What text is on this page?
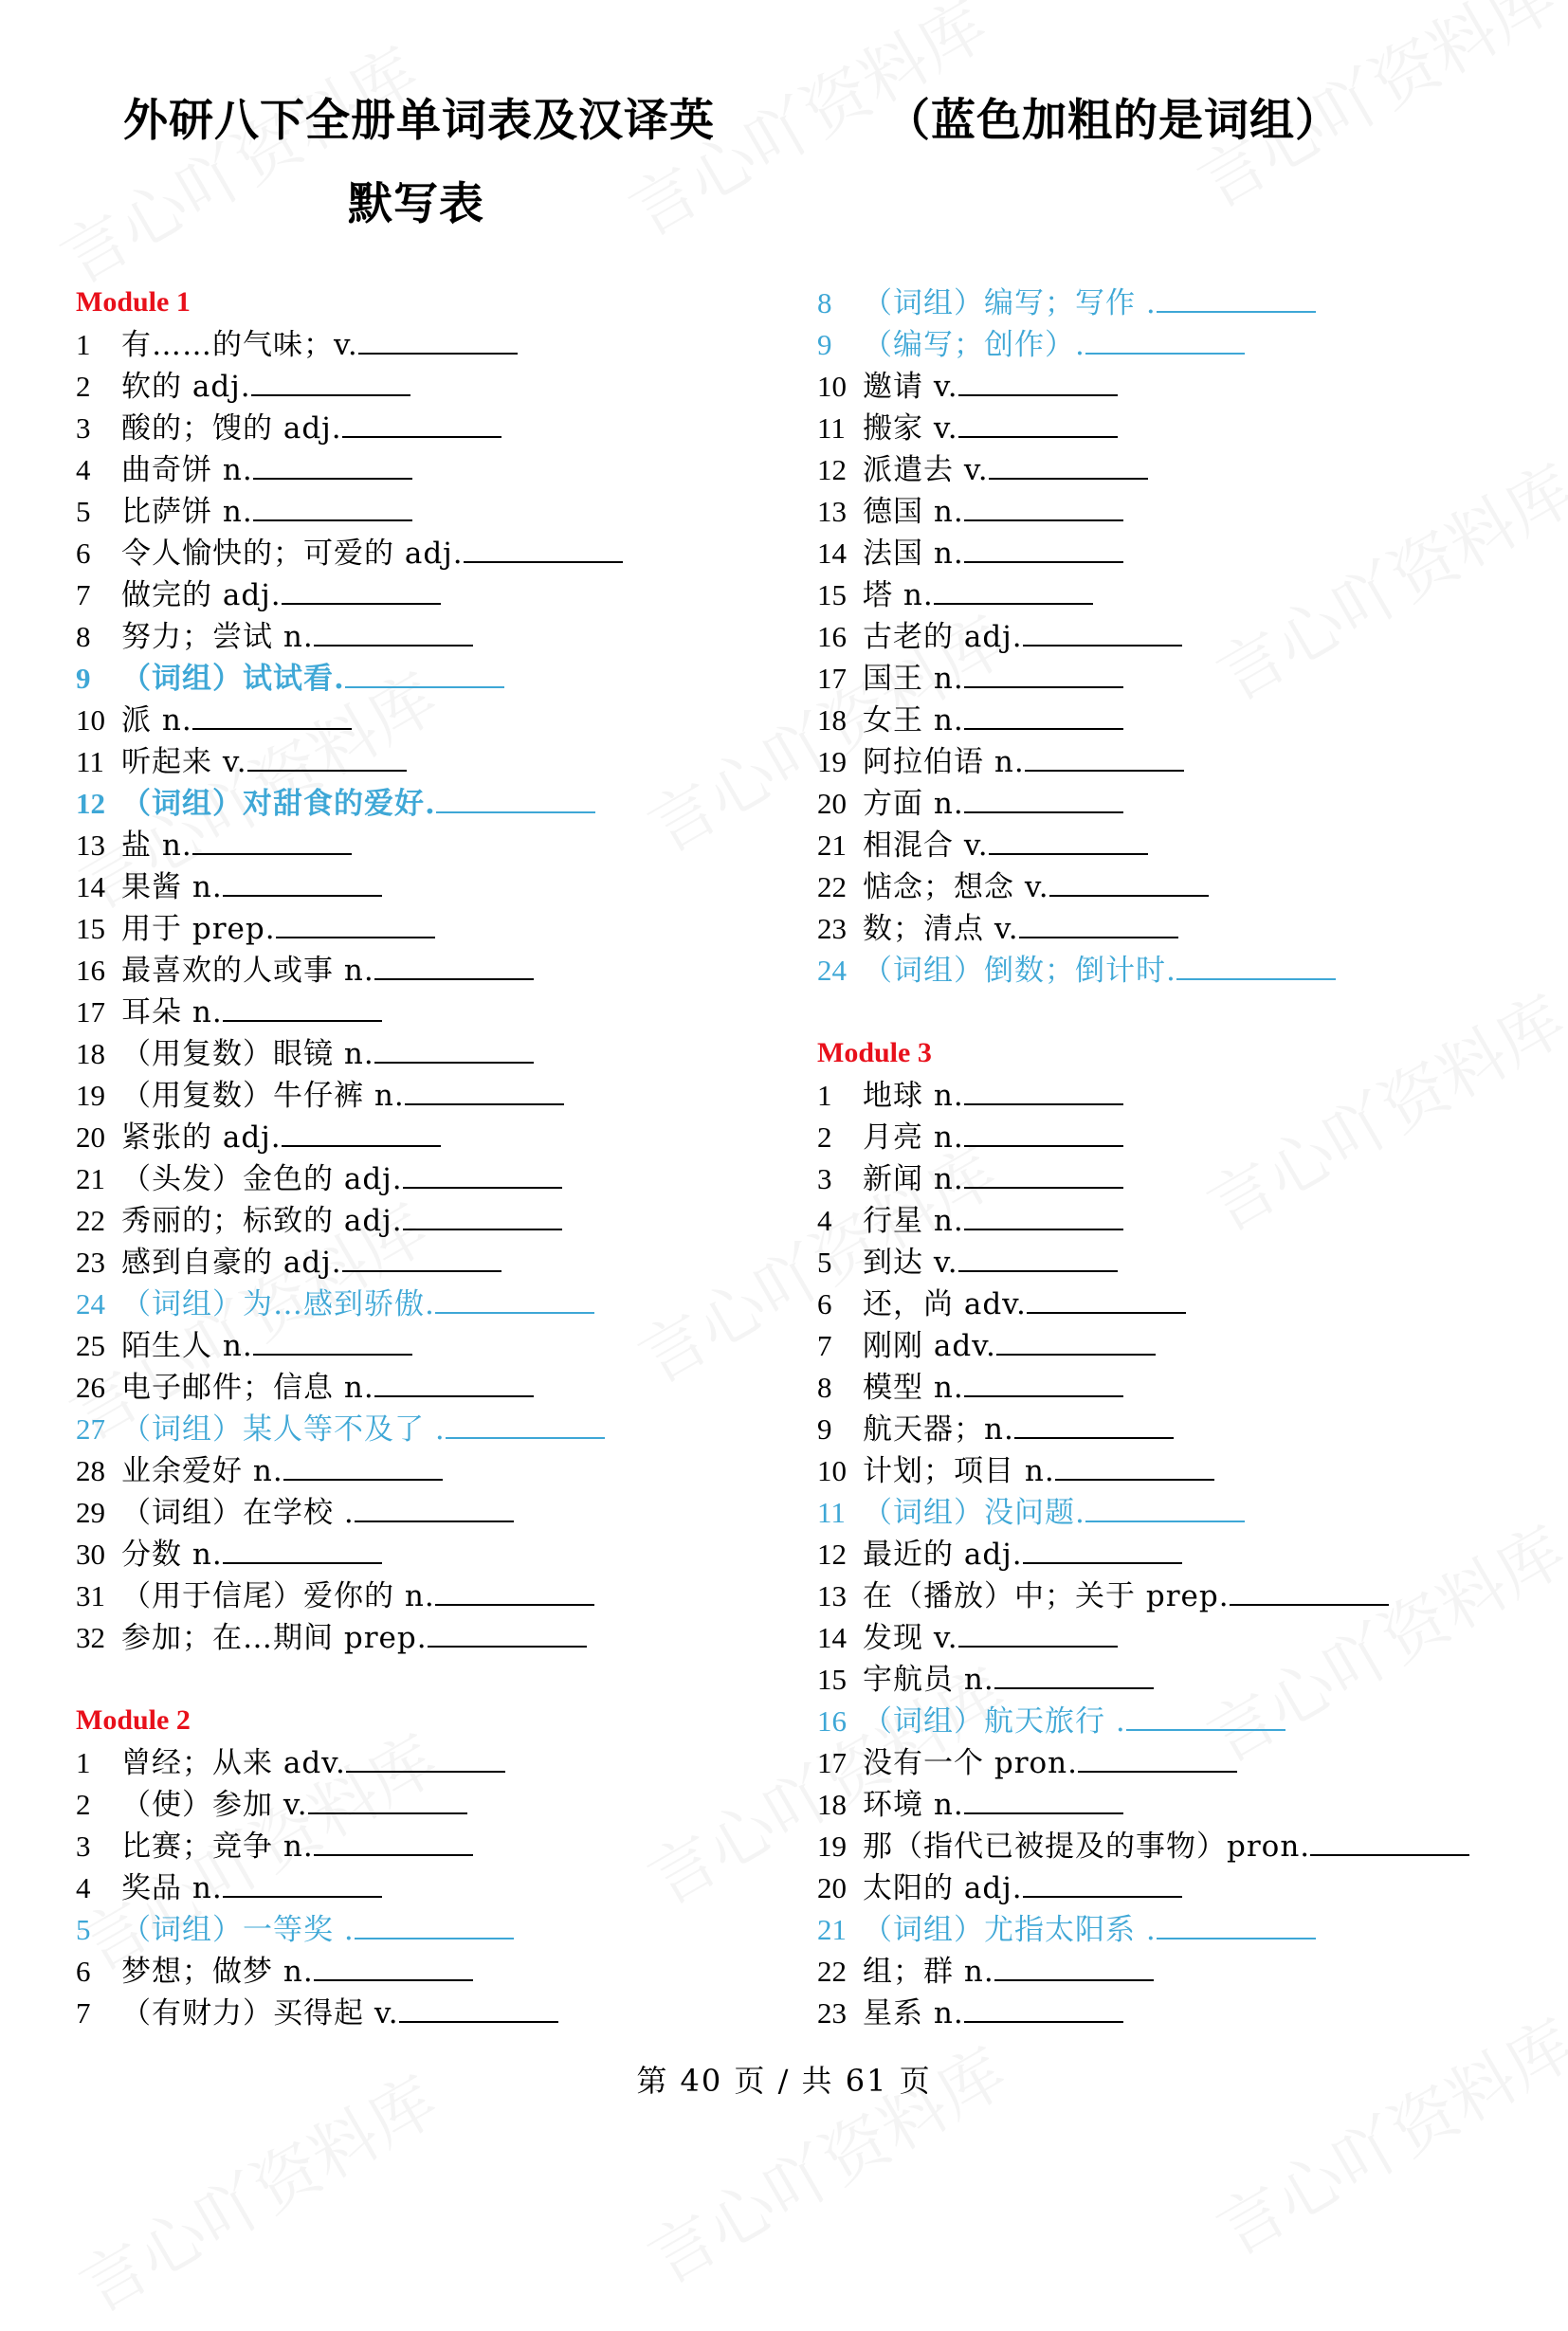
外研八下全册单词表及汉译英	（蓝色加粗的是词组）
默写表
Module 1
1 有……的气味；v.
2 软的 adj.
3 酸的；馊的 adj.
4 曲奇饼 n.
5 比萨饼 n.
6 令人愉快的；可爱的 adj.
7 做完的 adj.
8 努力；尝试 n.
9 （词组）试试看.
10 派 n.
11 听起来 v.
12 （词组）对甜食的爱好.
13 盐 n.
14 果酱 n.
15 用于 prep.
16 最喜欢的人或事 n.
17 耳朵 n.
18 （用复数）眼镜 n.
19 （用复数）牛仔裤 n.
20 紧张的 adj.
21 （头发）金色的 adj.
22 秀丽的；标致的 adj.
23 感到自豪的 adj.
24 （词组）为…感到骄傲.
25 陌生人 n.
26 电子邮件；信息 n.
27 （词组）某人等不及了 .
28 业余爱好 n.
29 （词组）在学校 .
30 分数 n.
31 （用于信尾）爱你的 n.
32 参加；在…期间 prep.
Module 2
1 曾经；从来 adv.
2 （使）参加 v.
3 比赛；竞争 n.
4 奖品 n.
5 （词组）一等奖 .
6 梦想；做梦 n.
7 （有财力）买得起 v.
8 （词组）编写；写作 .
9 （编写；创作）.
10 邀请 v.
11 搬家 v.
12 派遣去 v.
13 德国 n.
14 法国 n.
15 塔 n.
16 古老的 adj.
17 国王 n.
18 女王 n.
19 阿拉伯语 n.
20 方面 n.
21 相混合 v.
22 惦念；想念 v.
23 数；清点 v.
24 （词组）倒数；倒计时.
Module 3
1 地球 n.
2 月亮 n.
3 新闻 n.
4 行星 n.
5 到达 v.
6 还，尚 adv.
7 刚刚 adv.
8 模型 n.
9 航天器；n.
10 计划；项目 n.
11 （词组）没问题.
12 最近的 adj.
13 在（播放）中；关于 prep.
14 发现 v.
15 宇航员 n.
16 （词组）航天旅行 .
17 没有一个 pron.
18 环境 n.
19 那（指代已被提及的事物）pron.
20 太阳的 adj.
21 （词组）尤指太阳系 .
22 组；群 n.
23 星系 n.
第 40 页 / 共 61 页
